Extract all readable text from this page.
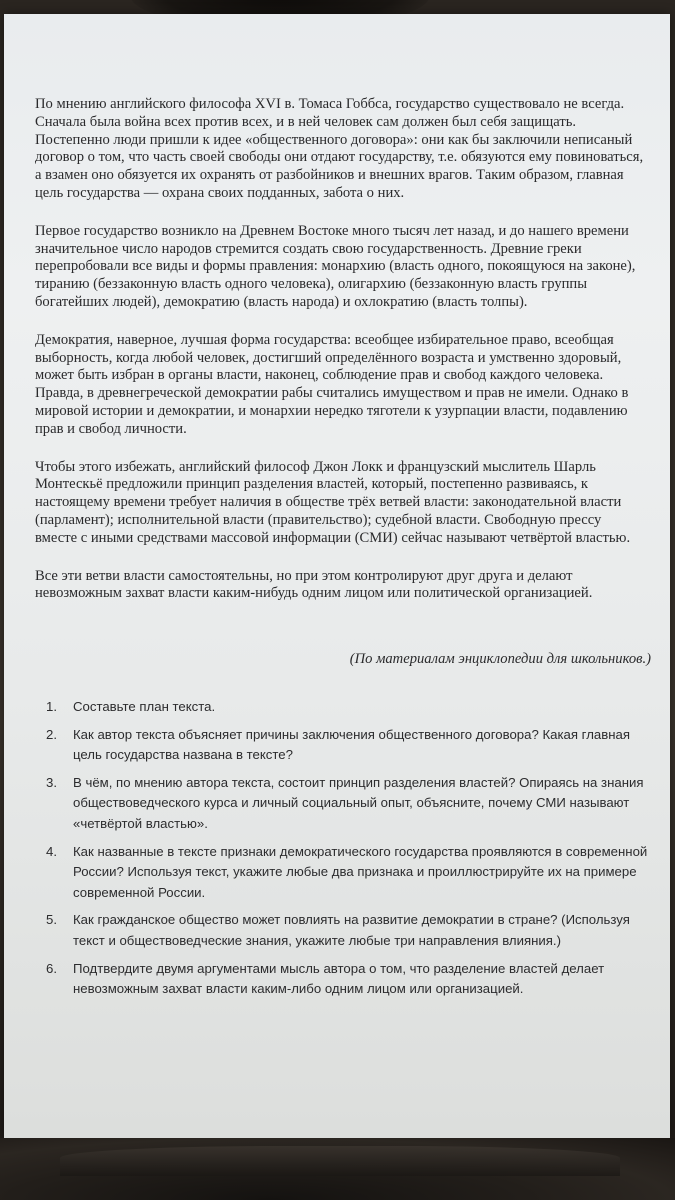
По мнению английского философа XVI в. Томаса Гоббса, государство существовало не всегда. Сначала была война всех против всех, и в ней человек сам должен был себя защищать. Постепенно люди пришли к идее «общественного договора»: они как бы заключили неписаный договор о том, что часть своей свободы они отдают государству, т.е. обязуются ему повиноваться, а взамен оно обязуется их охранять от разбойников и внешних врагов. Таким образом, главная цель государства — охрана своих подданных, забота о них.

Первое государство возникло на Древнем Востоке много тысяч лет назад, и до нашего времени значительное число народов стремится создать свою государственность. Древние греки перепробовали все виды и формы правления: монархию (власть одного, покоящуюся на законе), тиранию (беззаконную власть одного человека), олигархию (беззаконную власть группы богатейших людей), демократию (власть народа) и охлократию (власть толпы).

Демократия, наверное, лучшая форма государства: всеобщее избирательное право, всеобщая выборность, когда любой человек, достигший определённого возраста и умственно здоровый, может быть избран в органы власти, наконец, соблюдение прав и свобод каждого человека. Правда, в древнегреческой демократии рабы считались имуществом и прав не имели. Однако в мировой истории и демократии, и монархии нередко тяготели к узурпации власти, подавлению прав и свобод личности.

Чтобы этого избежать, английский философ Джон Локк и французский мыслитель Шарль Монтескьё предложили принцип разделения властей, который, постепенно развиваясь, к настоящему времени требует наличия в обществе трёх ветвей власти: законодательной власти (парламент); исполнительной власти (правительство); судебной власти. Свободную прессу вместе с иными средствами массовой информации (СМИ) сейчас называют четвёртой властью.

Все эти ветви власти самостоятельны, но при этом контролируют друг друга и делают невозможным захват власти каким-нибудь одним лицом или политической организацией.

(По материалам энциклопедии для школьников.)
1. Составьте план текста.
2. Как автор текста объясняет причины заключения общественного договора? Какая главная цель государства названа в тексте?
3. В чём, по мнению автора текста, состоит принцип разделения властей? Опираясь на знания обществоведческого курса и личный социальный опыт, объясните, почему СМИ называют «четвёртой властью».
4. Как названные в тексте признаки демократического государства проявляются в современной России? Используя текст, укажите любые два признака и проиллюстрируйте их на примере современной России.
5. Как гражданское общество может повлиять на развитие демократии в стране? (Используя текст и обществоведческие знания, укажите любые три направления влияния.)
6. Подтвердите двумя аргументами мысль автора о том, что разделение властей делает невозможным захват власти каким-либо одним лицом или организацией.
